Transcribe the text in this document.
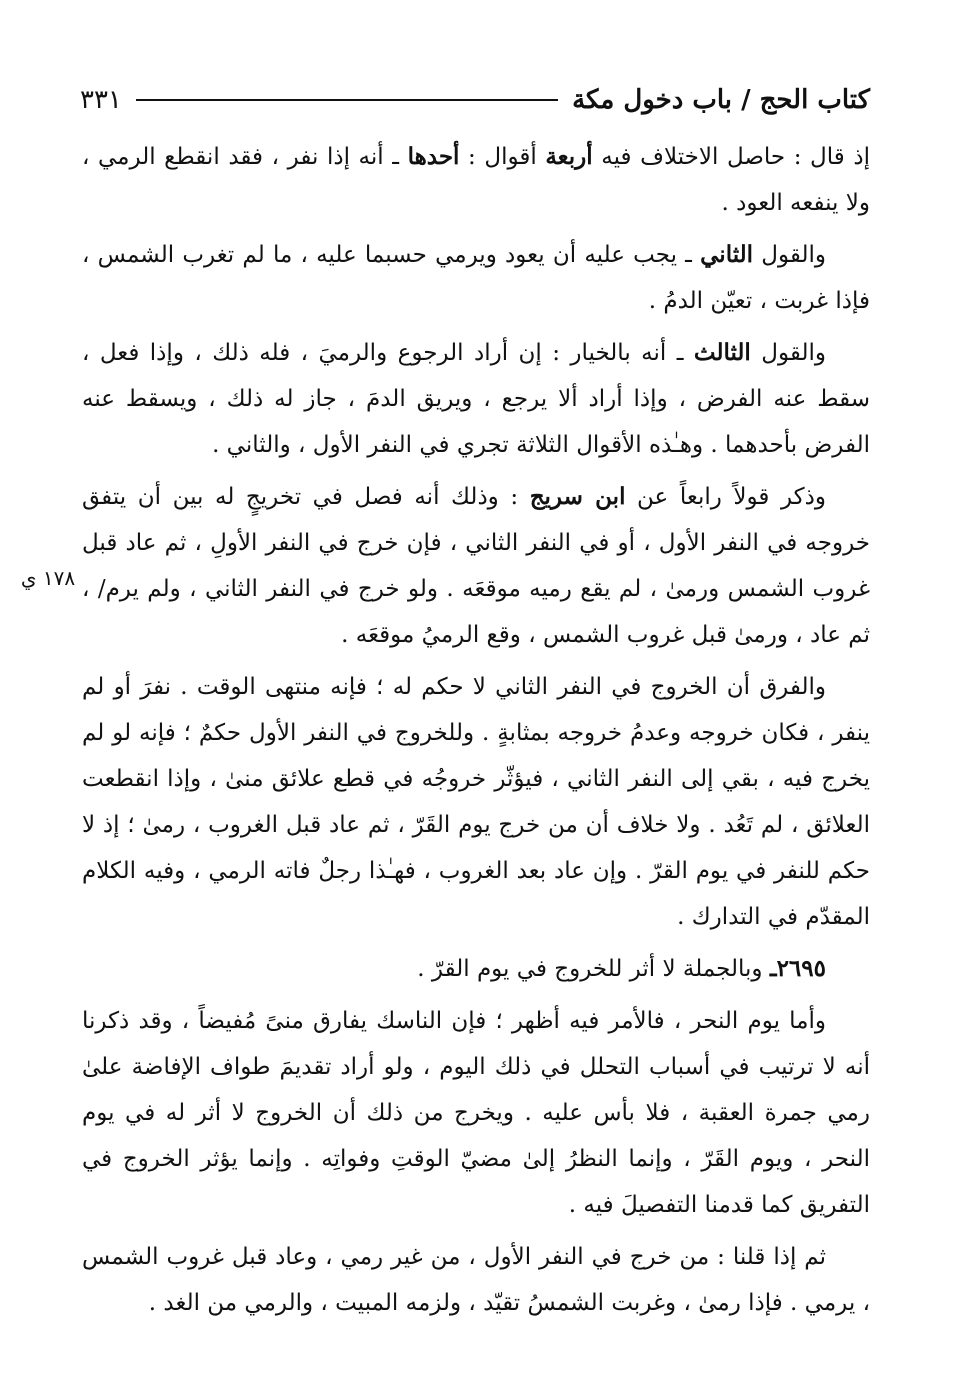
كتاب الحج / باب دخول مكة
٣٣١
١٧٨ ي

إذ قال : حاصل الاختلاف فيه أربعة أقوال : أحدها ـ أنه إذا نفر ، فقد انقطع الرمي ، ولا ينفعه العود .

والقول الثاني ـ يجب عليه أن يعود ويرمي حسبما عليه ، ما لم تغرب الشمس ، فإذا غربت ، تعيّن الدمُ .

والقول الثالث ـ أنه بالخيار : إن أراد الرجوع والرميَ ، فله ذلك ، وإذا فعل ، سقط عنه الفرض ، وإذا أراد ألا يرجع ، ويريق الدمَ ، جاز له ذلك ، ويسقط عنه الفرض بأحدهما . وهـٰذه الأقوال الثلاثة تجري في النفر الأول ، والثاني .

وذكر قولاً رابعاً عن ابن سريج : وذلك أنه فصل في تخريجٍ له بين أن يتفق خروجه في النفر الأول ، أو في النفر الثاني ، فإن خرج في النفر الأولِ ، ثم عاد قبل غروب الشمس ورمىٰ ، لم يقع رميه موقعَه . ولو خرج في النفر الثاني ، ولم يرم/ ، ثم عاد ، ورمىٰ قبل غروب الشمس ، وقع الرميُ موقعَه .

والفرق أن الخروج في النفر الثاني لا حكم له ؛ فإنه منتهى الوقت . نفرَ أو لم ينفر ، فكان خروجه وعدمُ خروجه بمثابةٍ . وللخروج في النفر الأول حكمٌ ؛ فإنه لو لم يخرج فيه ، بقي إلى النفر الثاني ، فيؤثّر خروجُه في قطع علائق منىٰ ، وإذا انقطعت العلائق ، لم تَعُد . ولا خلاف أن من خرج يوم القَرّ ، ثم عاد قبل الغروب ، رمىٰ ؛ إذ لا حكم للنفر في يوم القرّ . وإن عاد بعد الغروب ، فهـٰذا رجلٌ فاته الرمي ، وفيه الكلام المقدّم في التدارك .

٢٦٩٥ـ وبالجملة لا أثر للخروج في يوم القرّ .

وأما يوم النحر ، فالأمر فيه أظهر ؛ فإن الناسك يفارق منىً مُفيضاً ، وقد ذكرنا أنه لا ترتيب في أسباب التحلل في ذلك اليوم ، ولو أراد تقديمَ طواف الإفاضة علىٰ رمي جمرة العقبة ، فلا بأس عليه . ويخرج من ذلك أن الخروج لا أثر له في يوم النحر ، ويوم القَرّ ، وإنما النظرُ إلىٰ مضيّ الوقتِ وفواتِه . وإنما يؤثر الخروج في التفريق كما قدمنا التفصيلَ فيه .

ثم إذا قلنا : من خرج في النفر الأول ، من غير رمي ، وعاد قبل غروب الشمس ، يرمي . فإذا رمىٰ ، وغربت الشمسُ تقيّد ، ولزمه المبيت ، والرمي من الغد .
